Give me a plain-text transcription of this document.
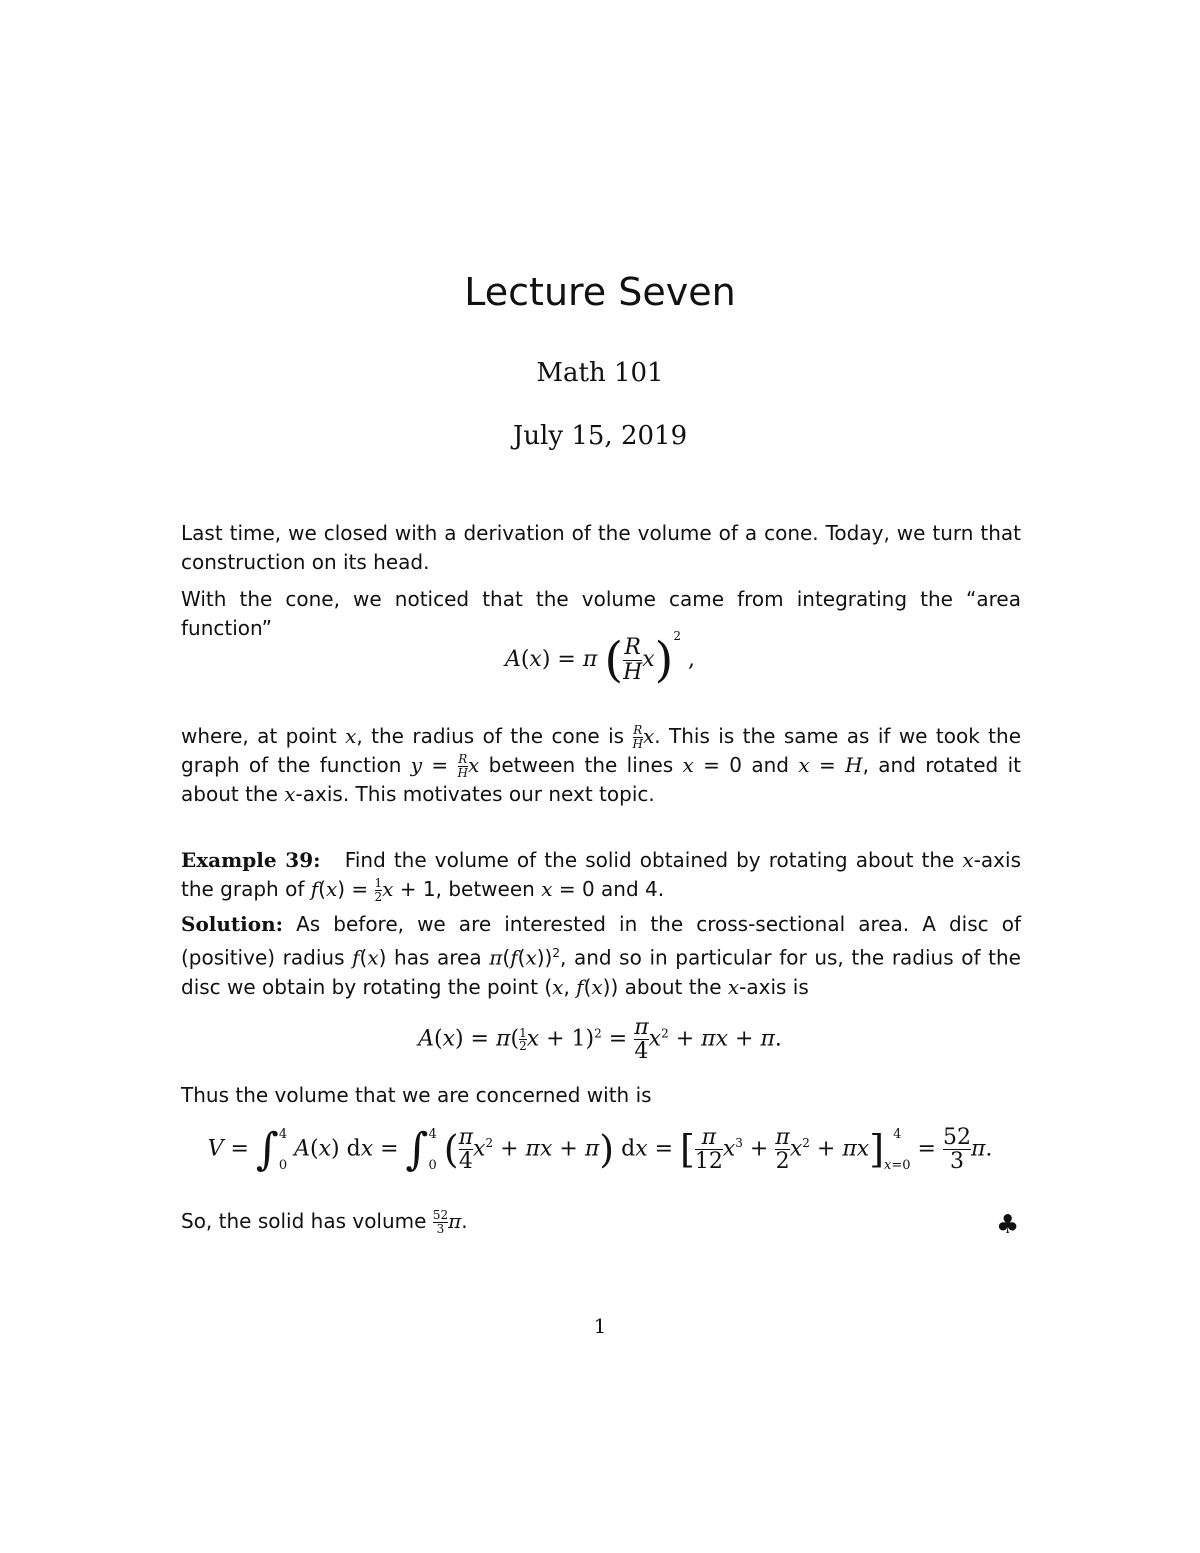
Lecture Seven
Math 101
July 15, 2019
Last time, we closed with a derivation of the volume of a cone. Today, we turn that construction on its head.
With the cone, we noticed that the volume came from integrating the “area function”
A(x) = π ( $\frac{R}{H} x)^2$ ,
where, at point x, the radius of the cone is $\frac{R}{H} x$. This is the same as if we took the graph of the function $y = \frac{R}{H}$ x between the lines x = 0 and x = H, and rotated it about the x-axis. This motivates our next topic.
Example 39: Find the volume of the solid obtained by rotating about the x-axis the graph of $f(x) = \frac{1}{2}$ x + 1, between x = 0 and 4.
Solution: As before, we are interested in the cross-sectional area. A disc of (positive) radius f(x) has area $\pi(f(x))^2$, and so in particular for us, the radius of the disc we obtain by rotating the point (x, f(x)) about the x-axis is
$A(x) = \pi( \frac{1}{2}$ $x + 1)^2 = \frac{\pi}{4} x^2 + \pi x + \pi$.
Thus the volume that we are concerned with is
V = ∫ 4
0
A(x) dx = ∫ 4
0 ( $\frac{\pi}{4} x^2 + \pi x + \pi$) dx = [ $\frac{\pi}{12} x^3 + \frac{\pi}{2} x^2 + \pi x$] 4
x=0
= $\frac{52}{3} \pi$.
So, the solid has volume $\frac{52}{3} \pi$.	♣
1
